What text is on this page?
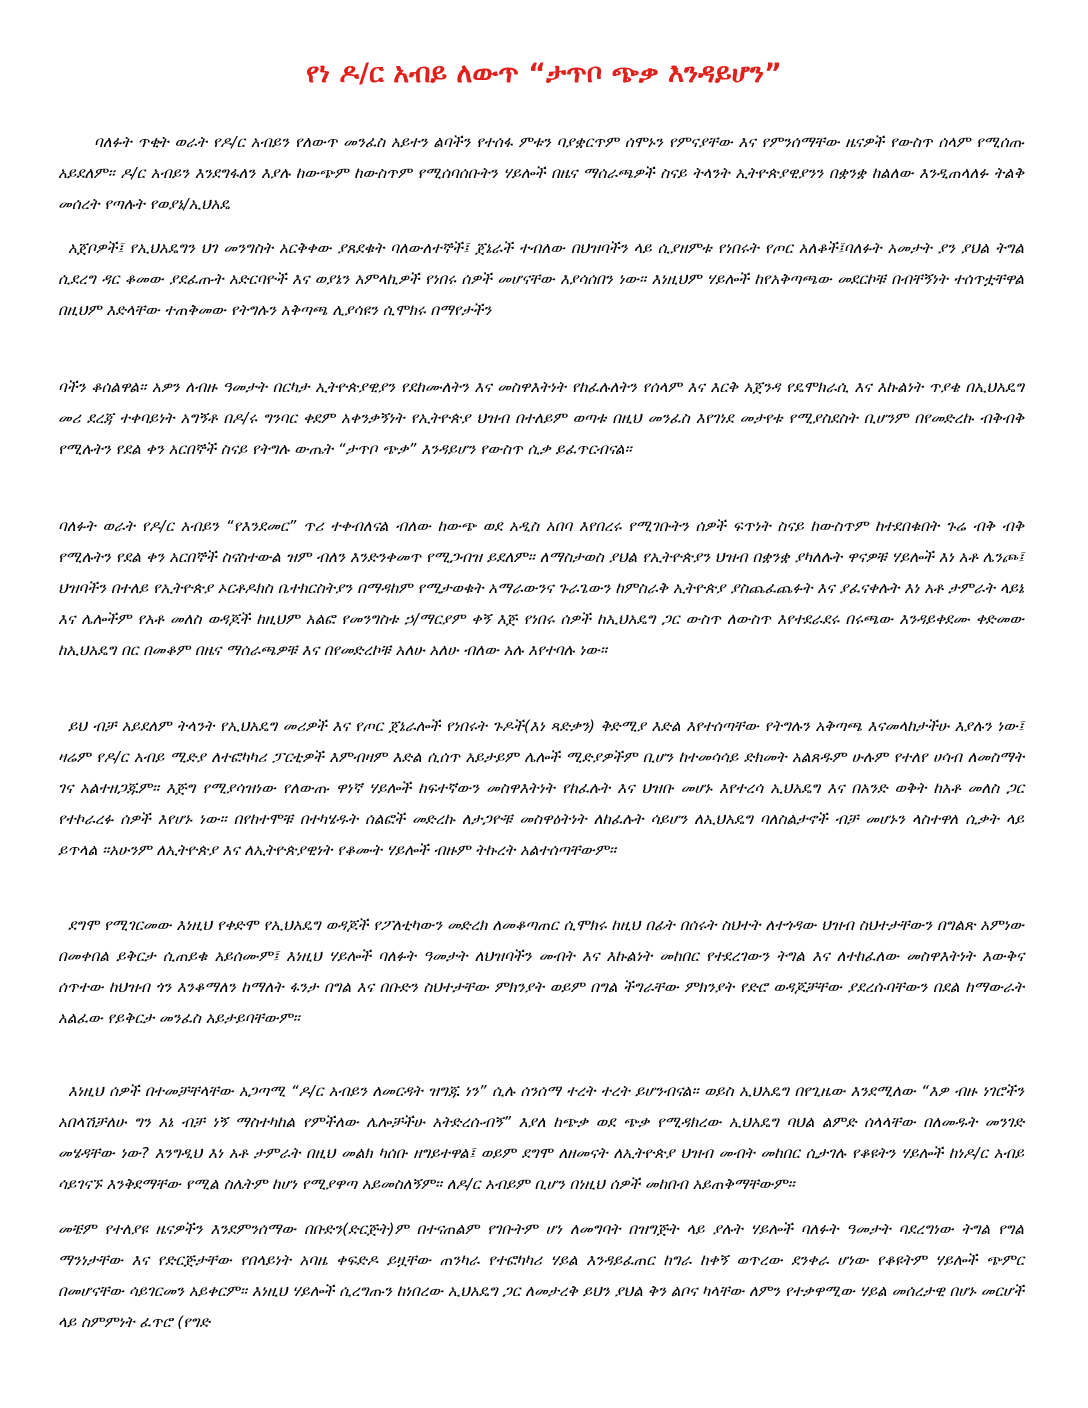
የነ ዶ/ር አብይ ለውጥ “ታጥቦ ጭቃ እንዳይሆን”

ባለፉት ጥቂት ወራት የዶ/ር አብይን የለውጥ መንፈስ አይተን ልባችን የተሰፋ ምቱን ባያቋርጥም ሰሞኑን የምናያቸው እና የምንሰማቸው ዜናዎች የውስጥ ሰላም የሚሰጡ አይደለም። ዶ/ር አብይን እንደግፋለን እያሉ ከውጭም ከውስጥም የሚሰባሰቡትን ሃይሎች በዜና ማሰራጫዎች ስናይ ትላንት ኢትዮጵያዊያንን በቋንቋ ከልለው እንዲጠላለፉ ትልቅ መሰረት የጣሉት የወያኔ/ኢህአዴ

አጀቦዎች፤ የኢህአዴግን ህገ መንግስት አርቅቀው ያጸደቁት ባለውለተኞች፤ ጀኔራች ተብለው በህዝባችን ላይ ሲያዘምቱ የነበሩት የጦር አለቆች፤ባለፉት አመታት ያን ያህል ትግል ሲደረግ ዳር ቆመው ያደፈጡት አድርባዮች እና ወያኔን አምላኪዎች የነበሩ ሰዎች መሆናቸው እያሳሰበን ነው። እነዚህም ሃይሎች ከየአቅጣጫው መደርኮቹ በብቸኝነት ተሰጥቷቸዋል በዚህም እድላቸው ተጠቅመው የትግሉን አቅጣጫ ሊያሳዩን ሲሞክሩ በማየታችን

ባችን ቆሰልዋል። አዎን ለብዙ ዓመታት በርካታ ኢትዮጵያዊያን የደከሙለትን እና መስዋእትነት የከፈሉለትን የሰላም እና እርቅ አጀንዳ የዴሞክራሲ እና እኩልነት ጥያቄ በኢህአዴግ መሪ ደረጃ ተቀባይነት አግኝቶ በዶ/ሩ ግንባር ቀደም አቀንቃኝነት የኢትዮጵያ ህዝብ በተለይም ወጣቱ በዚህ መንፈስ እየገነደ መታየቱ የሚያስደስት ቢሆንም በየመድረኩ ብቅብቅ የሚሉትን የደል ቀን አርበኞች ስናይ የትግሉ ውጤት “ታጥቦ ጭቃ” እንዳይሆን የውስጥ ሲቃ ይፈጥርብናል።

ባለፉት ወራት የዶ/ር አብይን “የእንደመር” ጥሪ ተቀብለናል ብለው ከውጭ ወደ አዲስ አበባ እየበረሩ የሚገቡትን ሰዎች ፍጥነት ስናይ ከውስጥም ከተደበቁበት ጉሬ ብቅ ብቅ የሚሉትን የደል ቀን አርበኞች ስናስተውል ዝም ብለን እንድንቀመጥ የሚጋብዝ ይደለም። ለማስታወስ ያህል የኢትዮጵያን ህዝብ በቋንቋ ያካለሉት ዋናዎቹ ሃይሎች እነ አቶ ሌንጮ፤ ህዝባችን በተለይ የኢትዮጵያ ኦርቶዶክስ ቤተክርስትያን በማዳከም የሚታወቁት አማራውንና ጉራጌውን ከምስራቅ ኢትዮጵያ ያስጨፈጨፉት እና ያፈናቀሉት እነ አቶ ታምራት ላይኔ እና ሌሎችም የአቶ መለስ ወዳጆች ከዚህም አልፎ የመንግስቱ ኃ/ማርያም ቀኝ እጅ የነበሩ ሰዎች ከኢህአዴግ ጋር ውስጥ ለውስጥ እየተደራደሩ በሩጫው እንዳይቀደሙ ቀድመው ከኢህአዴግ በር በመቆም በዜና ማሰራጫዎቹ እና በየመድረኮቹ አለሁ አለሁ ብለው አሉ እየተባሉ ነው።

ይህ ብቻ አይደለም ትላንት የኢህአዴግ መሪዎች እና የጦር ጀኔራሎች የነበሩት ጉዶች(እነ ጻድቃን) ቅድሚያ እድል እየተሰጣቸው የትግሉን አቅጣጫ እናመላከታችሁ እያሉን ነው፤ ዛሬም የዶ/ር አብይ ሚድያ ለተፎካካሪ ፓርቲዎች እምብዛም እድል ሲሰጥ አይታይም ሌሎች ሚድያዎችም ቢሆን ከተመሳሳይ ድክመት አልጸዱም ሁሉም የተለየ ሀሳብ ለመስማት ገና አልተዘጋጁም። እጅግ የሚያሳዝነው የለውጡ ዋነኛ ሃይሎች ከፍተኛውን መስዋእትነት የከፈሉት እና ህዝቡ መሆኑ እየተረሳ ኢህአዴግ እና በአንድ ወቅት ከአቶ መለስ ጋር የተኮራረፉ ሰዎች እየሆኑ ነው። በየከተሞቹ በተካሄዱት ሰልፎች መድረኩ ለታጋዮቹ መስዋዕትነት ለከፈሉት ሳይሆን ለኢህአዴግ ባለስልታኖች ብቻ መሆኑን ላስተዋለ ሲቃት ላይ ይጥላል ።አሁንም ለኢትዮጵያ እና ለኢትዮጵያዊነት የቆሙት ሃይሎች ብዙም ትኩረት አልተሰጣቸውም።

ደግሞ የሚገርመው እነዚህ የቀድሞ የኢህአዴግ ወዳጆች የፖለቲካውን መድረክ ለመቆጣጠር ሲሞክሩ ከዚህ በፊት በሰሩት ስህተት ለተጎዳው ህዝብ ስህተታቸውን በግልጽ አምነው በመቀበል ይቅርታ ሲጠይቁ አይሰሙም፤ እነዚህ ሃይሎች ባለፉት ዓመታት ለህዝባችን መብት እና እኩልነት መከበር የተደረገውን ትግል እና ለተከፈለው መስዋእትነት እውቅና ሰጥተው ከህዝብ ጎን እንቆማለን ከማለት ፋንታ በግል እና በቡድን ስህተታቸው ምክንያት ወይም በግል ችግራቸው ምክንያት የድሮ ወዳጆቻቸው ያደረሱባቸውን በደል ከማውራት አልፈው የይቅርታ መንፈስ አይታይባቸውም።

እነዚህ ሰዎች በተመቻቸላቸው አጋጣሚ “ዶ/ር አብይን ለመርዳት ዝግጁ ነን” ሲሉ ሰንሰማ ተረት ተረት ይሆንብናል። ወይስ ኢህአዴግ በየጊዜው እንደሚለው “እዎ ብዙ ነገሮችን አበላሽቻለሁ ግን እኔ ብቻ ነኝ ማስተካከል የምችለው ሌሎቻችሁ አትድረሱብኝ” እያለ ከጭቃ ወደ ጭቃ የሚዳክረው ኢህአዴግ ባህል ልምድ ሰላላቸው በለመዱት መንገድ መሄዳቸው ነው? እንግዲህ እነ አቶ ታምራት በዚህ መልክ ካሰቡ ዘግይተዋል፤ ወይም ደግሞ ለዘመናት ለኢትዮጵያ ህዝብ መብት መከበር ሲታገሉ የቆዩትን ሃይሎች ከነዶ/ር አብይ ሳይገናኙ እንቅደማቸው የሚል ስሌትም ከሆነ የሚያዋጣ አይመስለኝም። ለዶ/ር አብይም ቢሆን በነዚህ ሰዎች መከበብ አይጠቅማቸውም።

መቼም የተለያዩ ዜናዎችን እንደምንሰማው በቡድን(ድርጅት)ም በተናጠልም የገቡትም ሆነ ለመግባት በዝግጅት ላይ ያሉት ሃይሎች ባለፉት ዓመታት ባደረግነው ትግል የግል ማንነታቸው እና የድርጅታቸው የበላይነት አባዜ ቀፍድዶ ይዟቸው ጠንካራ የተፎካካሪ ሃይል እንዳይፈጠር ከግራ ከቀኝ ወጥረው ደንቀራ ሆነው የቆዩትም ሃይሎች ጭምር በመሆናቸው ሳይገርመን አይቀርም። እነዚህ ሃይሎች ሲረግጡን ከነበረው ኢህአዴግ ጋር ለመታረቅ ይህን ያህል ቅን ልቦና ካላቸው ለምን የተቃዋሚው ሃይል መሰረታዊ በሆኑ መርሆች ላይ ስምምነት ፈጥሮ (የግድ
